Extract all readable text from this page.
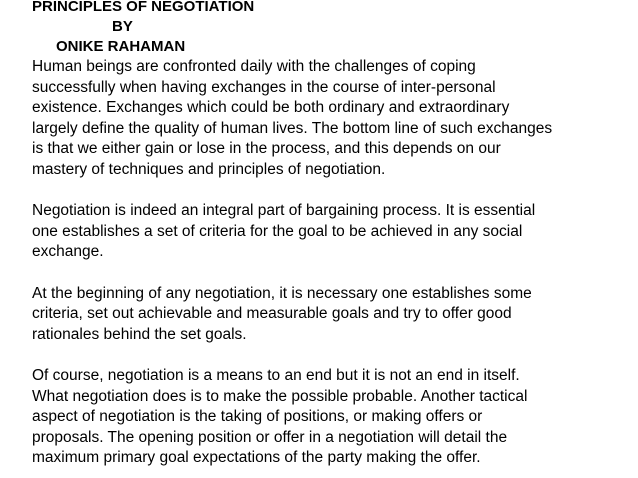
PRINCIPLES OF NEGOTIATION
BY
ONIKE RAHAMAN
Human beings are confronted daily with the challenges of coping
successfully when having exchanges in the course of inter-personal
existence. Exchanges which could be both ordinary and extraordinary
largely define the quality of human lives. The bottom line of such exchanges
is that we either gain or lose in the process, and this depends on our
mastery of techniques and principles of negotiation.
Negotiation is indeed an integral part of bargaining process. It is essential
one establishes a set of criteria for the goal to be achieved in any social
exchange.
At the beginning of any negotiation, it is necessary one establishes some
criteria, set out achievable and measurable goals and try to offer good
rationales behind the set goals.
Of course, negotiation is a means to an end but it is not an end in itself.
What negotiation does is to make the possible probable. Another tactical
aspect of negotiation is the taking of positions, or making offers or
proposals. The opening position or offer in a negotiation will detail the
maximum primary goal expectations of the party making the offer.
